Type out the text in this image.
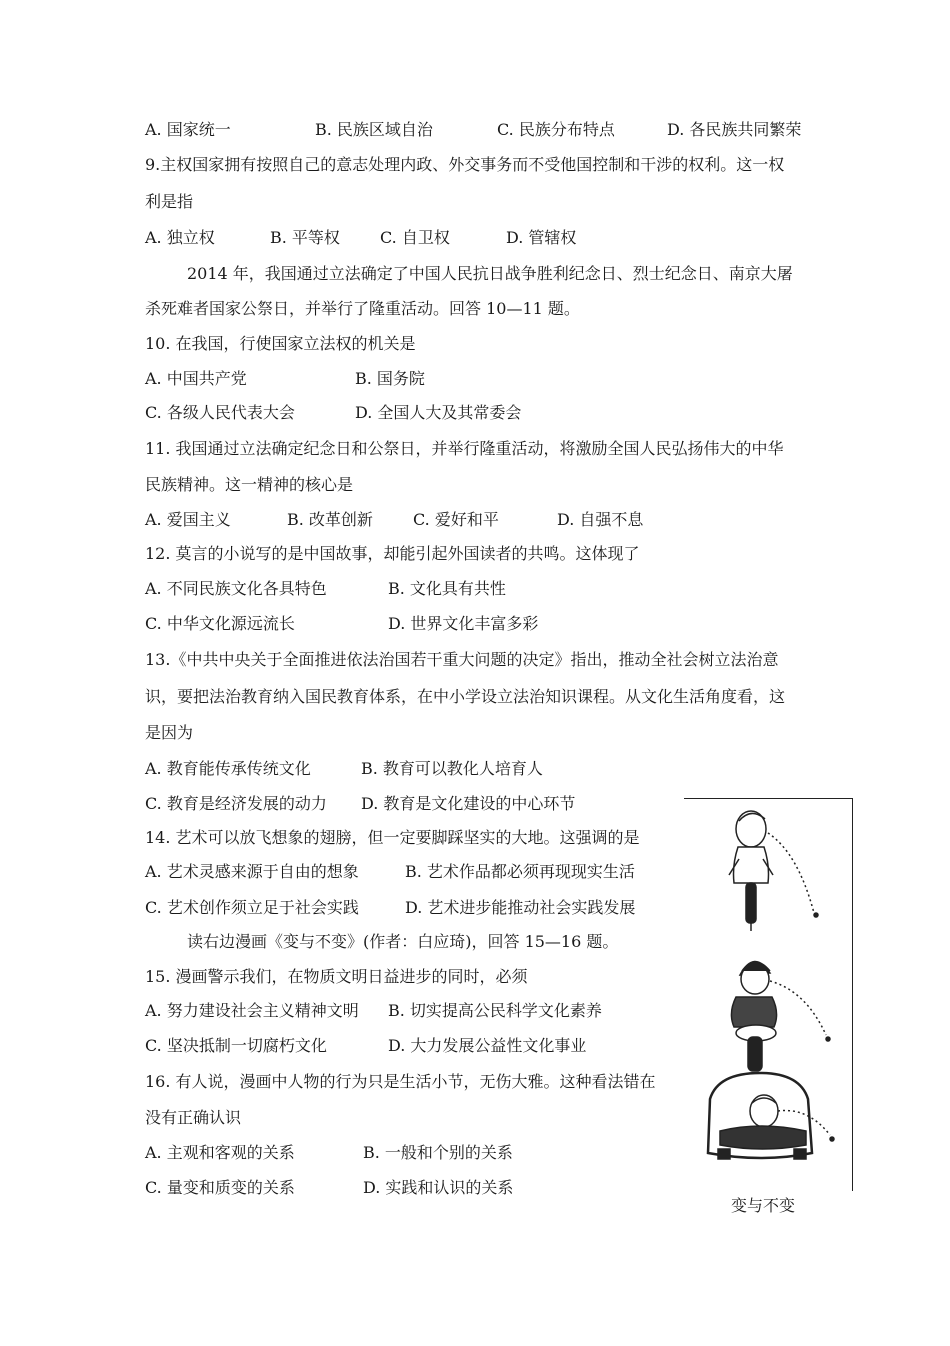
A. 国家统一	B. 民族区域自治	C. 民族分布特点	D. 各民族共同繁荣
9.主权国家拥有按照自己的意志处理内政、外交事务而不受他国控制和干涉的权利。这一权
利是指
A. 独立权	B. 平等权	C. 自卫权	D. 管辖权
2014 年，我国通过立法确定了中国人民抗日战争胜利纪念日、烈士纪念日、南京大屠
杀死难者国家公祭日，并举行了隆重活动。回答 10—11 题。
10. 在我国，行使国家立法权的机关是
A. 中国共产党	B. 国务院
C. 各级人民代表大会	D. 全国人大及其常委会
11. 我国通过立法确定纪念日和公祭日，并举行隆重活动，将激励全国人民弘扬伟大的中华
民族精神。这一精神的核心是
A. 爱国主义	B. 改革创新	C. 爱好和平	D. 自强不息
12. 莫言的小说写的是中国故事，却能引起外国读者的共鸣。这体现了
A. 不同民族文化各具特色	B. 文化具有共性
C. 中华文化源远流长	D. 世界文化丰富多彩
13.《中共中央关于全面推进依法治国若干重大问题的决定》指出，推动全社会树立法治意
识，要把法治教育纳入国民教育体系，在中小学设立法治知识课程。从文化生活角度看，这
是因为
A. 教育能传承传统文化	B. 教育可以教化人培育人
C. 教育是经济发展的动力 D. 教育是文化建设的中心环节
14. 艺术可以放飞想象的翅膀，但一定要脚踩坚实的大地。这强调的是
A. 艺术灵感来源于自由的想象	B. 艺术作品都必须再现现实生活
C. 艺术创作须立足于社会实践	D. 艺术进步能推动社会实践发展
读右边漫画《变与不变》(作者：白应琦)，回答 15—16 题。
15. 漫画警示我们，在物质文明日益进步的同时，必须
A. 努力建设社会主义精神文明 B. 切实提高公民科学文化素养
C. 坚决抵制一切腐朽文化	D. 大力发展公益性文化事业
16. 有人说，漫画中人物的行为只是生活小节，无伤大雅。这种看法错在
没有正确认识
A. 主观和客观的关系	B. 一般和个别的关系
C. 量变和质变的关系	D. 实践和认识的关系
变与不变
